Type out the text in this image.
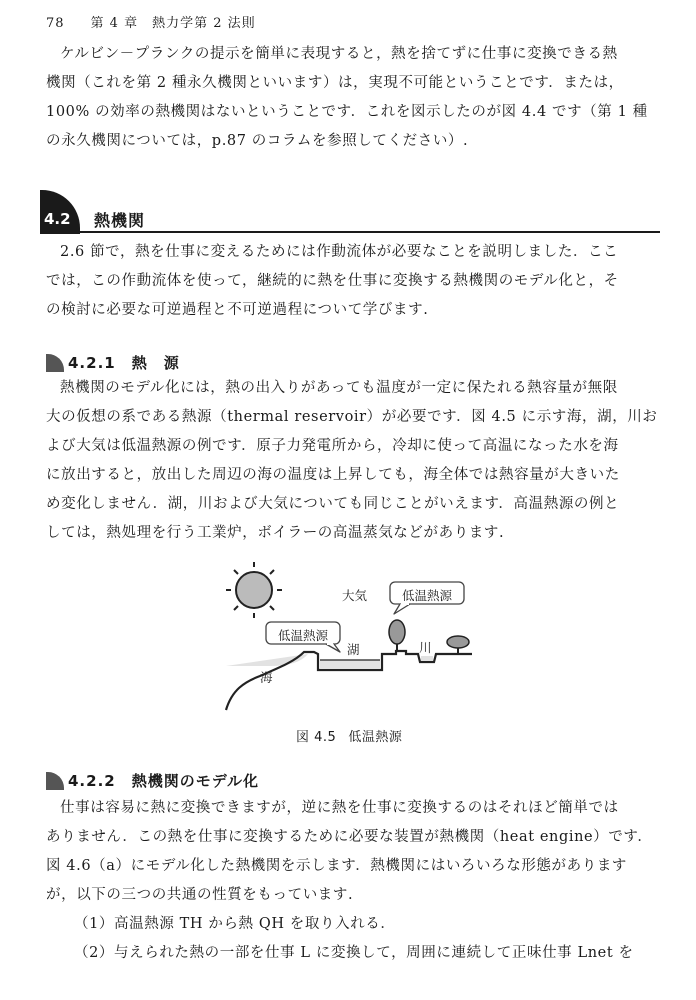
78 第 4 章　熱力学第 2 法則
ケルビン－プランクの提示を簡単に表現すると，熱を捨てずに仕事に変換できる熱
機関（これを第 2 種永久機関といいます）は，実現不可能ということです．または，
100% の効率の熱機関はないということです．これを図示したのが図 4.4 です（第 1 種
の永久機関については，p.87 のコラムを参照してください）.
4.2 熱機関
2.6 節で，熱を仕事に変えるためには作動流体が必要なことを説明しました．ここ
では，この作動流体を使って，継続的に熱を仕事に変換する熱機関のモデル化と，そ
の検討に必要な可逆過程と不可逆過程について学びます.
4.2.1　熱　源
熱機関のモデル化には，熱の出入りがあっても温度が一定に保たれる熱容量が無限
大の仮想の系である熱源（thermal reservoir）が必要です．図 4.5 に示す海，湖，川お
よび大気は低温熱源の例です．原子力発電所から，冷却に使って高温になった水を海
に放出すると，放出した周辺の海の温度は上昇しても，海全体では熱容量が大きいた
め変化しません．湖，川および大気についても同じことがいえます．高温熱源の例と
しては，熱処理を行う工業炉，ボイラーの高温蒸気などがあります.
大気	低温熱源
低温熱源
湖	川
海
図 4.5 低温熱源
4.2.2　熱機関のモデル化
仕事は容易に熱に変換できますが，逆に熱を仕事に変換するのはそれほど簡単では
ありません．この熱を仕事に変換するために必要な装置が熱機関（heat engine）です．
図 4.6（a）にモデル化した熱機関を示します．熱機関にはいろいろな形態があります
が，以下の三つの共通の性質をもっています.
（1）高温熱源 TH から熱 QH を取り入れる．
（2）与えられた熱の一部を仕事 L に変換して，周囲に連続して正味仕事 Lnet を
